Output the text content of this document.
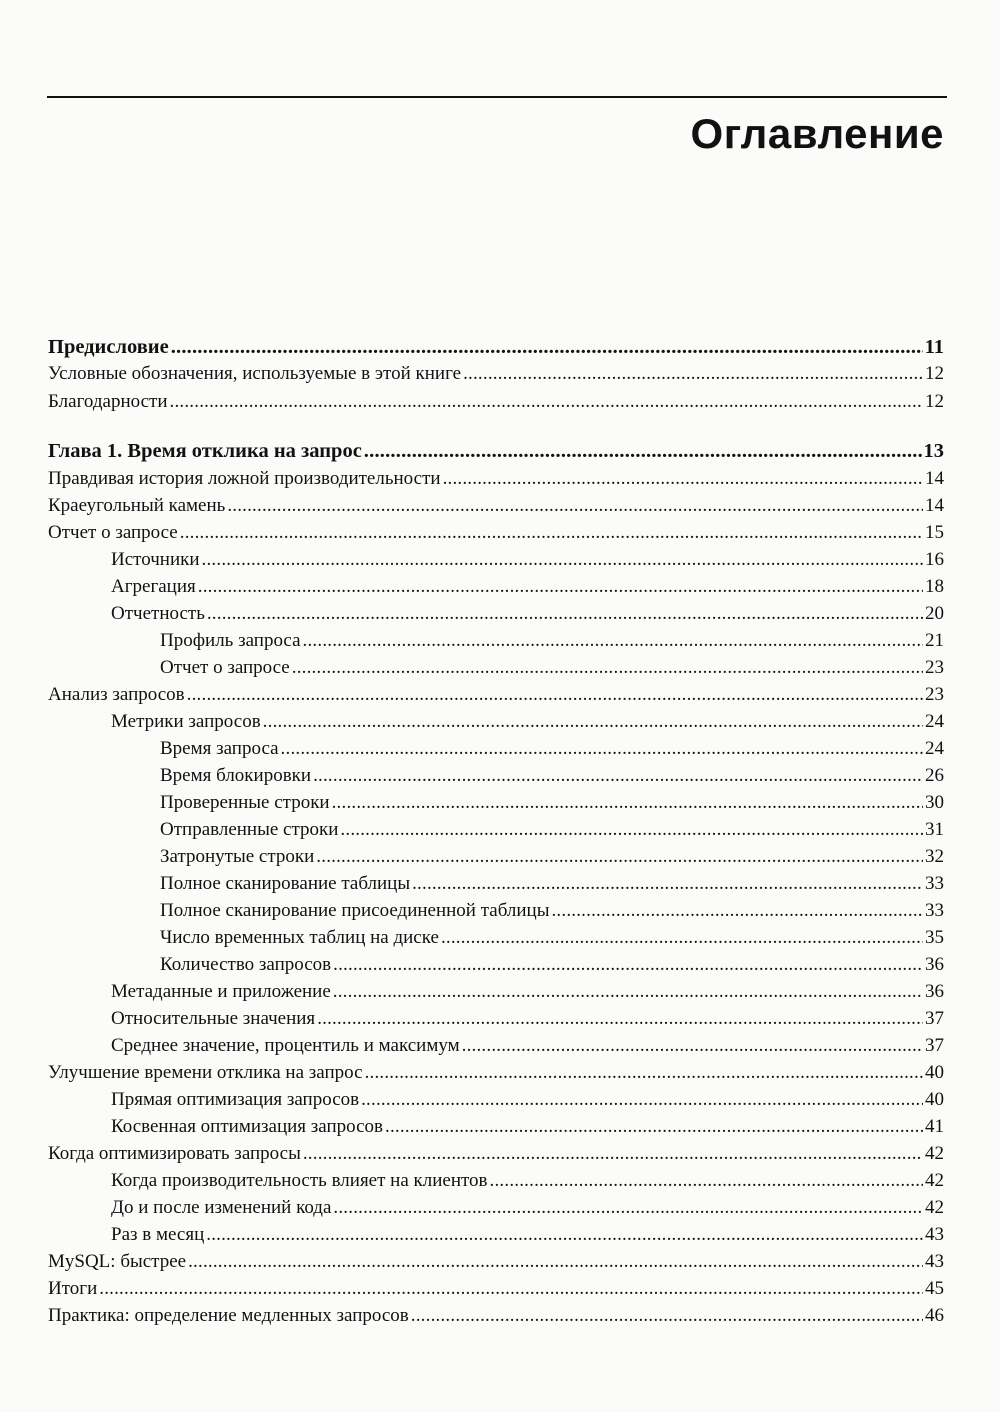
Оглавление
Предисловие .....	11
Условные обозначения, используемые в этой книге .....	12
Благодарности .....	12
Глава 1. Время отклика на запрос .....	13
Правдивая история ложной производительности .....	14
Краеугольный камень .....	14
Отчет о запросе .....	15
Источники .....	16
Агрегация .....	18
Отчетность .....	20
Профиль запроса .....	21
Отчет о запросе .....	23
Анализ запросов .....	23
Метрики запросов .....	24
Время запроса .....	24
Время блокировки .....	26
Проверенные строки .....	30
Отправленные строки .....	31
Затронутые строки .....	32
Полное сканирование таблицы .....	33
Полное сканирование присоединенной таблицы .....	33
Число временных таблиц на диске .....	35
Количество запросов .....	36
Метаданные и приложение .....	36
Относительные значения .....	37
Среднее значение, процентиль и максимум .....	37
Улучшение времени отклика на запрос .....	40
Прямая оптимизация запросов .....	40
Косвенная оптимизация запросов .....	41
Когда оптимизировать запросы .....	42
Когда производительность влияет на клиентов .....	42
До и после изменений кода .....	42
Раз в месяц .....	43
MySQL: быстрее .....	43
Итоги .....	45
Практика: определение медленных запросов .....	46
